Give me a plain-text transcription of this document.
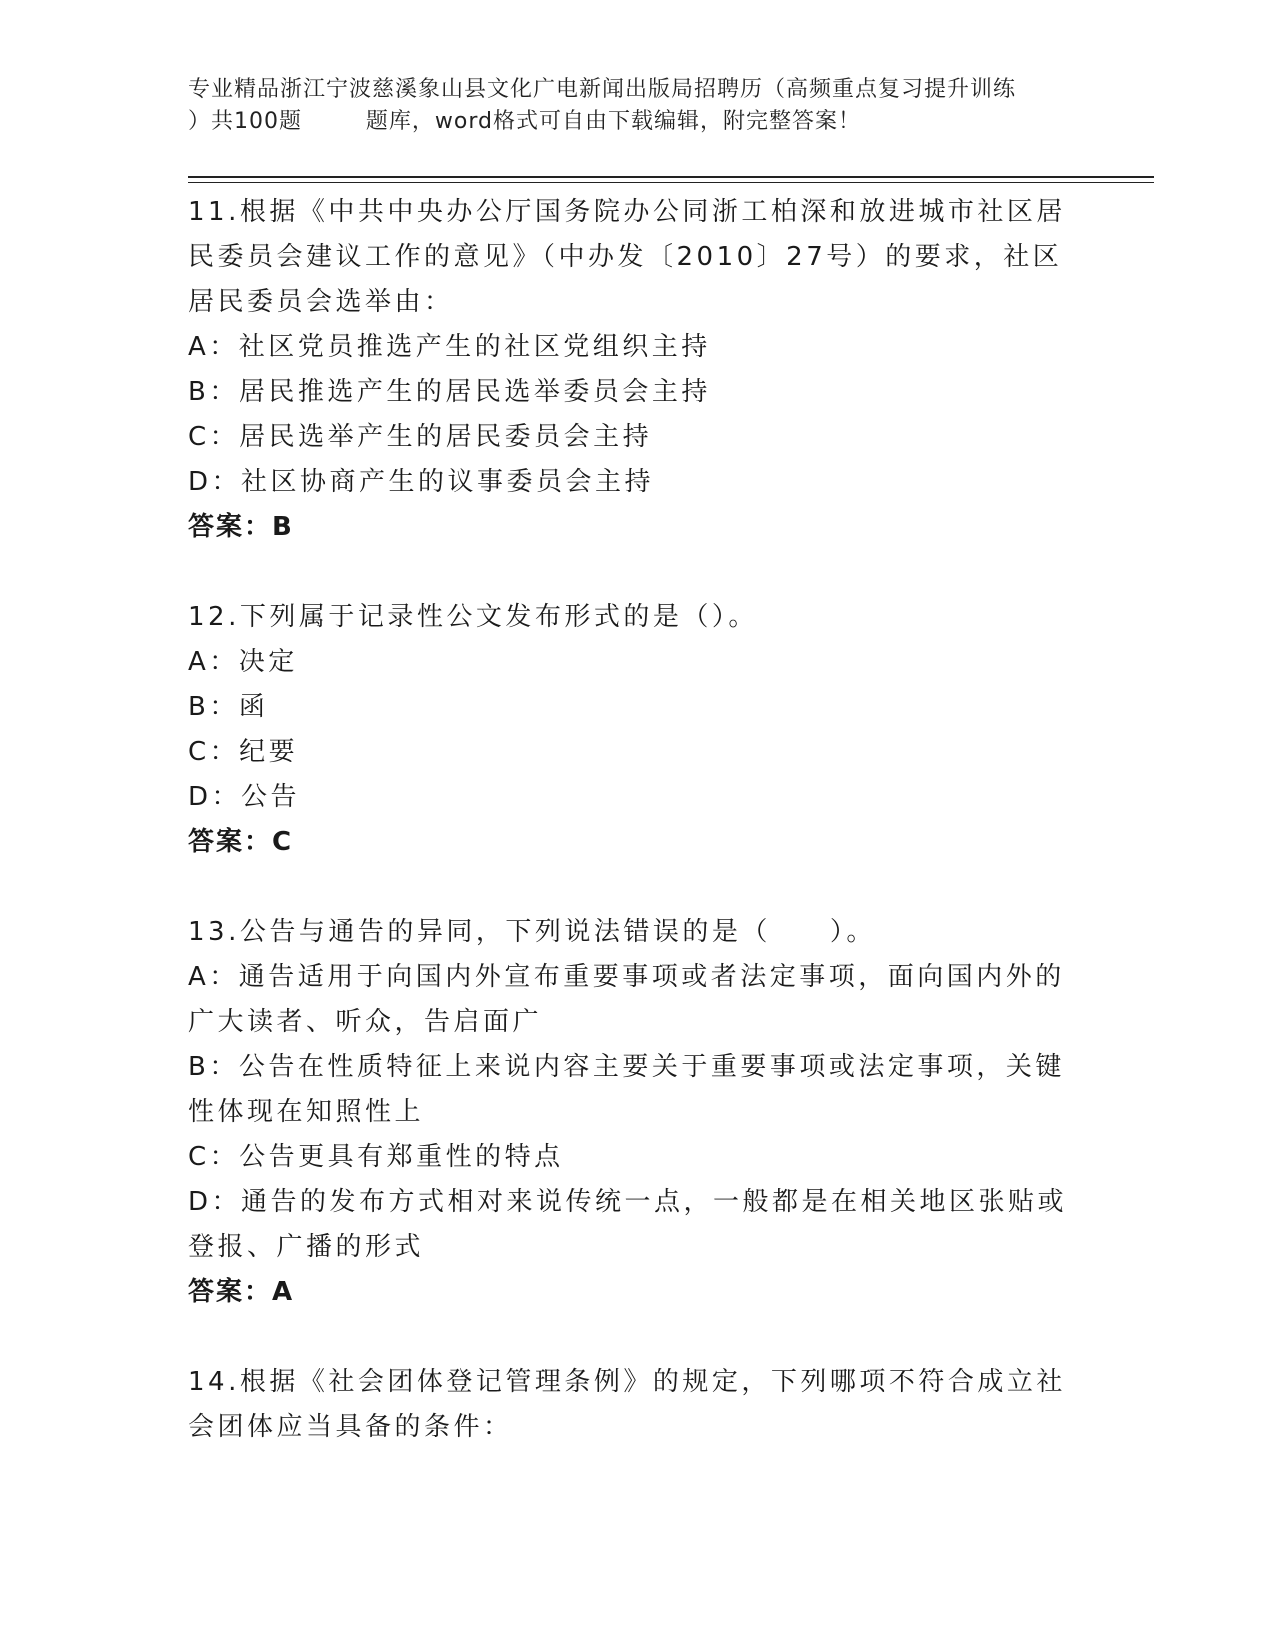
专业精品浙江宁波慈溪象山县文化广电新闻出版局招聘历（高频重点复习提升训练
）共100题        题库，word格式可自由下载编辑，附完整答案！

11.根据《中共中央办公厅国务院办公同浙工柏深和放进城市社区居民委员会建议工作的意见》（中办发〔2010〕27号）的要求，社区居民委员会选举由：

A：社区党员推选产生的社区党组织主持

B：居民推选产生的居民选举委员会主持

C：居民选举产生的居民委员会主持

D：社区协商产生的议事委员会主持

答案：B

12.下列属于记录性公文发布形式的是（）。

A：决定

B：函

C：纪要

D：公告

答案：C

13.公告与通告的异同，下列说法错误的是（　　）。

A：通告适用于向国内外宣布重要事项或者法定事项，面向国内外的广大读者、听众，告启面广

B：公告在性质特征上来说内容主要关于重要事项或法定事项，关键性体现在知照性上

C：公告更具有郑重性的特点

D：通告的发布方式相对来说传统一点，一般都是在相关地区张贴或登报、广播的形式

答案：A

14.根据《社会团体登记管理条例》的规定，下列哪项不符合成立社会团体应当具备的条件：
